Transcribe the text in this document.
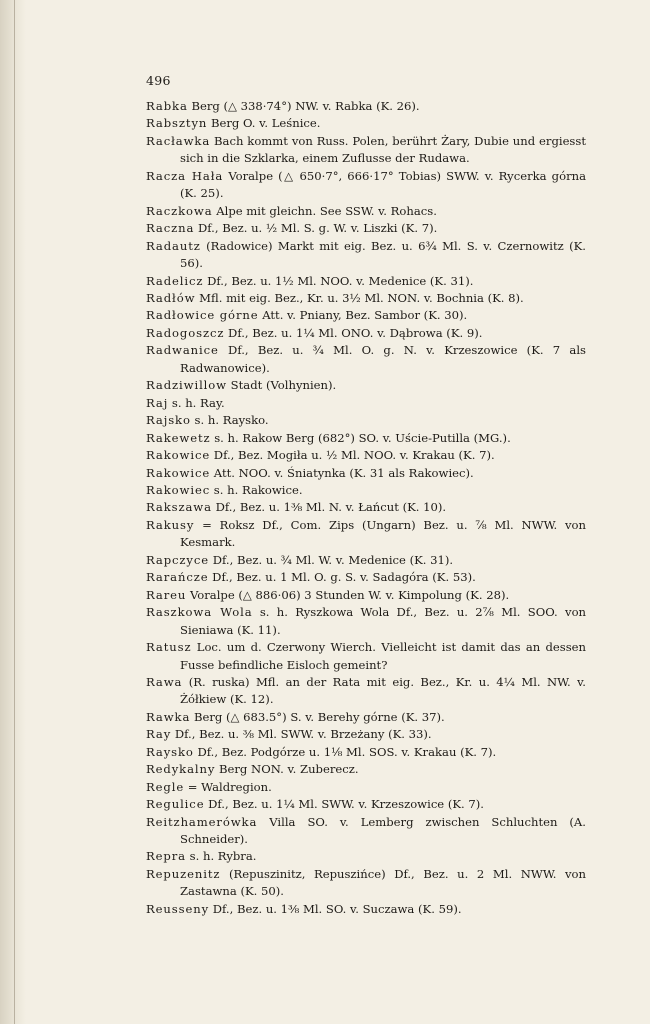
496

Rabka Berg (△ 338·74°) NW. v. Rabka (K. 26).

Rabsztyn Berg O. v. Leśnice.

Racławka Bach kommt von Russ. Polen, berührt Żary, Dubie und ergiesst sich in die Szklarka, einem Zuflusse der Rudawa.

Racza Hała Voralpe (△ 650·7°, 666·17° Tobias) SWW. v. Rycerka górna (K. 25).

Raczkowa Alpe mit gleichn. See SSW. v. Rohacs.

Raczna Df., Bez. u. ½ Ml. S. g. W. v. Liszki (K. 7).

Radautz (Radowice) Markt mit eig. Bez. u. 6¾ Ml. S. v. Czernowitz (K. 56).

Radelicz Df., Bez. u. 1½ Ml. NOO. v. Medenice (K. 31).

Radłów Mfl. mit eig. Bez., Kr. u. 3½ Ml. NON. v. Bochnia (K. 8).

Radłowice górne Att. v. Pniany, Bez. Sambor (K. 30).

Radogoszcz Df., Bez. u. 1¼ Ml. ONO. v. Dąbrowa (K. 9).

Radwanice Df., Bez. u. ¾ Ml. O. g. N. v. Krzeszowice (K. 7 als Radwanowice).

Radziwillow Stadt (Volhynien).

Raj s. h. Ray.

Rajsko s. h. Raysko.

Rakewetz s. h. Rakow Berg (682°) SO. v. Uście-Putilla (MG.).

Rakowice Df., Bez. Mogiła u. ½ Ml. NOO. v. Krakau (K. 7).

Rakowice Att. NOO. v. Śniatynka (K. 31 als Rakowiec).

Rakowiec s. h. Rakowice.

Rakszawa Df., Bez. u. 1⅜ Ml. N. v. Łańcut (K. 10).

Rakusy = Roksz Df., Com. Zips (Ungarn) Bez. u. ⅞ Ml. NWW. von Kesmark.

Rapczyce Df., Bez. u. ¾ Ml. W. v. Medenice (K. 31).

Rarańcze Df., Bez. u. 1 Ml. O. g. S. v. Sadagóra (K. 53).

Rareu Voralpe (△ 886·06) 3 Stunden W. v. Kimpolung (K. 28).

Raszkowa Wola s. h. Ryszkowa Wola Df., Bez. u. 2⅞ Ml. SOO. von Sieniawa (K. 11).

Ratusz Loc. um d. Czerwony Wierch. Vielleicht ist damit das an dessen Fusse befindliche Eisloch gemeint?

Rawa (R. ruska) Mfl. an der Rata mit eig. Bez., Kr. u. 4¼ Ml. NW. v. Żółkiew (K. 12).

Rawka Berg (△ 683.5°) S. v. Berehy górne (K. 37).

Ray Df., Bez. u. ⅜ Ml. SWW. v. Brzeżany (K. 33).

Raysko Df., Bez. Podgórze u. 1⅛ Ml. SOS. v. Krakau (K. 7).

Redykalny Berg NON. v. Zuberecz.

Regle = Waldregion.

Regulice Df., Bez. u. 1¼ Ml. SWW. v. Krzeszowice (K. 7).

Reitzhamerówka Villa SO. v. Lemberg zwischen Schluchten (A. Schneider).

Repra s. h. Rybra.

Repuzenitz (Repuszinitz, Repuszińce) Df., Bez. u. 2 Ml. NWW. von Zastawna (K. 50).

Reusseny Df., Bez. u. 1⅜ Ml. SO. v. Suczawa (K. 59).
